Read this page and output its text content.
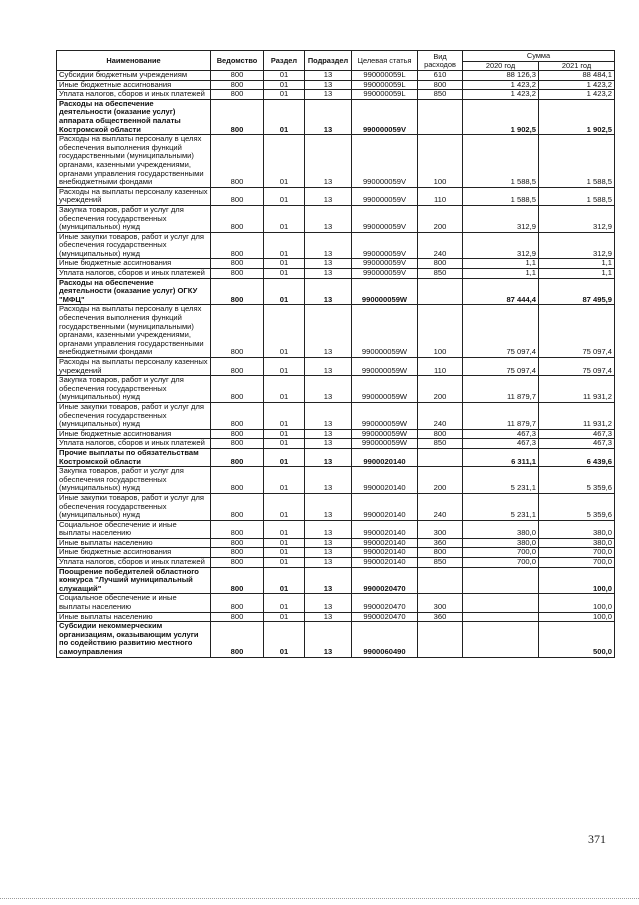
Наименование	Ведомство	Раздел	Подраздел	Целевая статья	Вид расходов	Сумма	
						2020 год	2021 год
Субсидии бюджетным учреждениям	800	01	13	990000059L	610	88 126,3	88 484,1
Иные бюджетные ассигнования	800	01	13	990000059L	800	1 423,2	1 423,2
Уплата налогов, сборов и иных платежей	800	01	13	990000059L	850	1 423,2	1 423,2
Расходы на обеспечение деятельности (оказание услуг) аппарата общественной палаты Костромской области	800	01	13	990000059V		1 902,5	1 902,5
Расходы на выплаты персоналу в целях обеспечения выполнения функций государственными (муниципальными) органами, казенными учреждениями, органами управления государственными внебюджетными фондами	800	01	13	990000059V	100	1 588,5	1 588,5
Расходы на выплаты персоналу казенных учреждений	800	01	13	990000059V	110	1 588,5	1 588,5
Закупка товаров, работ и услуг для обеспечения государственных (муниципальных) нужд	800	01	13	990000059V	200	312,9	312,9
Иные закупки товаров, работ и услуг для обеспечения государственных (муниципальных) нужд	800	01	13	990000059V	240	312,9	312,9
Иные бюджетные ассигнования	800	01	13	990000059V	800	1,1	1,1
Уплата налогов, сборов и иных платежей	800	01	13	990000059V	850	1,1	1,1
Расходы на обеспечение деятельности (оказание услуг) ОГКУ "МФЦ"	800	01	13	990000059W		87 444,4	87 495,9
Расходы на выплаты персоналу в целях обеспечения выполнения функций государственными (муниципальными) органами, казенными учреждениями, органами управления государственными внебюджетными фондами	800	01	13	990000059W	100	75 097,4	75 097,4
Расходы на выплаты персоналу казенных учреждений	800	01	13	990000059W	110	75 097,4	75 097,4
Закупка товаров, работ и услуг для обеспечения государственных (муниципальных) нужд	800	01	13	990000059W	200	11 879,7	11 931,2
Иные закупки товаров, работ и услуг для обеспечения государственных (муниципальных) нужд	800	01	13	990000059W	240	11 879,7	11 931,2
Иные бюджетные ассигнования	800	01	13	990000059W	800	467,3	467,3
Уплата налогов, сборов и иных платежей	800	01	13	990000059W	850	467,3	467,3
Прочие выплаты по обязательствам Костромской области	800	01	13	9900020140		6 311,1	6 439,6
Закупка товаров, работ и услуг для обеспечения государственных (муниципальных) нужд	800	01	13	9900020140	200	5 231,1	5 359,6
Иные закупки товаров, работ и услуг для обеспечения государственных (муниципальных) нужд	800	01	13	9900020140	240	5 231,1	5 359,6
Социальное обеспечение и иные выплаты населению	800	01	13	9900020140	300	380,0	380,0
Иные выплаты населению	800	01	13	9900020140	360	380,0	380,0
Иные бюджетные ассигнования	800	01	13	9900020140	800	700,0	700,0
Уплата налогов, сборов и иных платежей	800	01	13	9900020140	850	700,0	700,0
Поощрение победителей областного конкурса "Лучший муниципальный служащий"	800	01	13	9900020470			100,0
Социальное обеспечение и иные выплаты населению	800	01	13	9900020470	300		100,0
Иные выплаты населению	800	01	13	9900020470	360		100,0
Субсидии некоммерческим организациям, оказывающим услуги по содействию развитию местного самоуправления	800	01	13	9900060490			500,0
371
